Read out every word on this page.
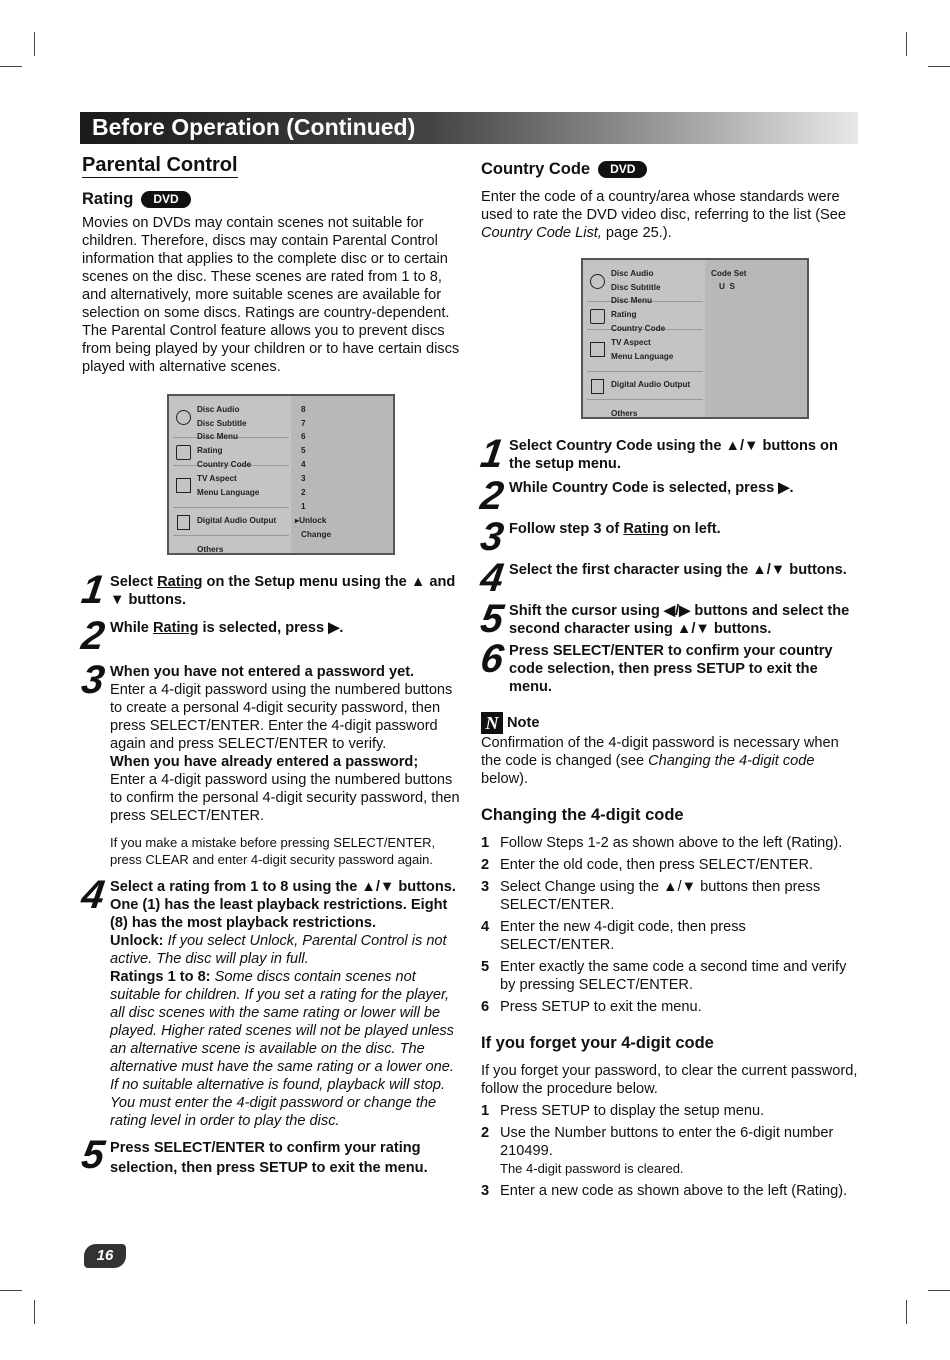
Before Operation (Continued)
Parental Control
Rating	DVD

Movies on DVDs may contain scenes not suitable for children. Therefore, discs may contain Parental Control information that applies to the complete disc or to certain scenes on the disc. These scenes are rated from 1 to 8, and alternatively, more suitable scenes are available for selection on some discs. Ratings are country-dependent. The Parental Control feature allows you to prevent discs from being played by your children or to have certain discs played with alternative scenes.

Disc Audio
Disc Subtitle
Disc Menu
Rating
Country Code
TV Aspect
Menu Language
Digital Audio Output
Others
8
7
6
5
4
3
2
1
▸Unlock
Change
1 Select Rating on the Setup menu using the ▲ and ▼ buttons.
2 While Rating is selected, press ▶.
3 When you have not entered a password yet.
Enter a 4-digit password using the numbered buttons to create a personal 4-digit security password, then press SELECT/ENTER. Enter the 4-digit password again and press SELECT/ENTER to verify.
When you have already entered a password;
Enter a 4-digit password using the numbered buttons to confirm the personal 4-digit security password, then press SELECT/ENTER.

If you make a mistake before pressing SELECT/ENTER, press CLEAR and enter 4-digit security password again.

4 Select a rating from 1 to 8 using the ▲/▼ buttons. One (1) has the least playback restrictions. Eight (8) has the most playback restrictions.
Unlock: If you select Unlock, Parental Control is not active. The disc will play in full.
Ratings 1 to 8: Some discs contain scenes not suitable for children. If you set a rating for the player, all disc scenes with the same rating or lower will be played. Higher rated scenes will not be played unless an alternative scene is available on the disc. The alternative must have the same rating or a lower one. If no suitable alternative is found, playback will stop. You must enter the 4-digit password or change the rating level in order to play the disc.
5 Press SELECT/ENTER to confirm your rating selection, then press SETUP to exit the menu.
Country Code	DVD

Enter the code of a country/area whose standards were used to rate the DVD video disc, referring to the list (See Country Code List, page 25.).

Disc Audio
Disc Subtitle
Disc Menu
Rating
Country Code
TV Aspect
Menu Language
Digital Audio Output
Others
Code Set
U  S
1 Select Country Code using the ▲/▼ buttons on the setup menu.
2 While Country Code is selected, press ▶.
3 Follow step 3 of Rating on left.
4 Select the first character using the ▲/▼ buttons.
5 Shift the cursor using ◀/▶ buttons and select the second character using ▲/▼ buttons.
6 Press SELECT/ENTER to confirm your country code selection, then press SETUP to exit the menu.
N Note

Confirmation of the 4-digit password is necessary when the code is changed (see Changing the 4-digit code below).

Changing the 4-digit code
1 Follow Steps 1-2 as shown above to the left (Rating).
2 Enter the old code, then press SELECT/ENTER.
3 Select Change using the ▲/▼ buttons then press SELECT/ENTER.
4 Enter the new 4-digit code, then press SELECT/ENTER.
5 Enter exactly the same code a second time and verify by pressing SELECT/ENTER.
6 Press SETUP to exit the menu.
If you forget your 4-digit code

If you forget your password, to clear the current password, follow the procedure below.

1 Press SETUP to display the setup menu.
2 Use the Number buttons to enter the 6-digit number 210499.
The 4-digit password is cleared.
3 Enter a new code as shown above to the left (Rating).
16
